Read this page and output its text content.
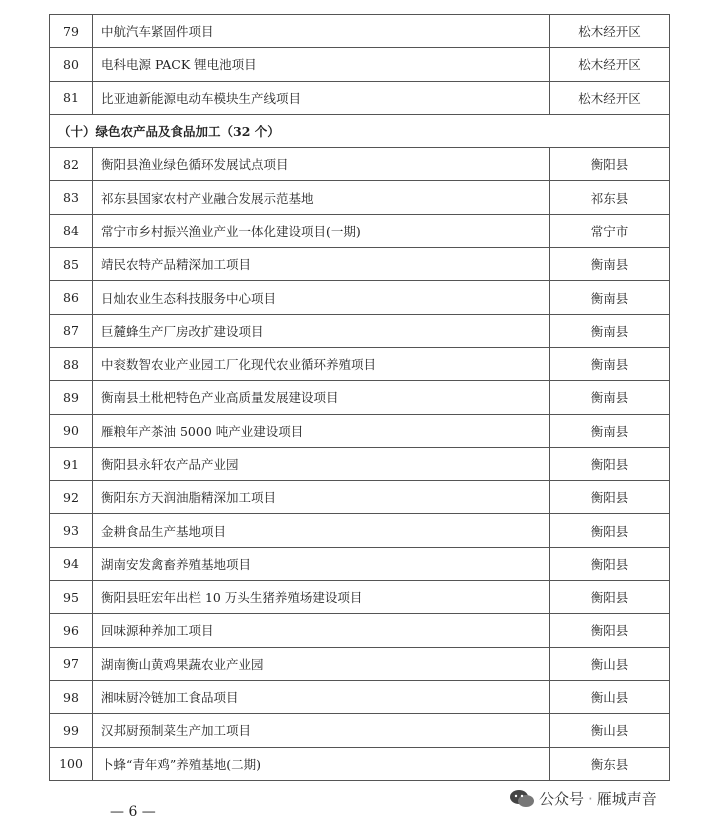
79	中航汽车紧固件项目	松木经开区
80	电科电源 PACK 锂电池项目	松木经开区
81	比亚迪新能源电动车模块生产线项目	松木经开区
（十）绿色农产品及食品加工（32 个）
82	衡阳县渔业绿色循环发展试点项目	衡阳县
83	祁东县国家农村产业融合发展示范基地	祁东县
84	常宁市乡村振兴渔业产业一体化建设项目(一期)	常宁市
85	靖民农特产品精深加工项目	衡南县
86	日灿农业生态科技服务中心项目	衡南县
87	巨麓蜂生产厂房改扩建设项目	衡南县
88	中衮数智农业产业园工厂化现代农业循环养殖项目	衡南县
89	衡南县土枇杷特色产业高质量发展建设项目	衡南县
90	雁粮年产茶油 5000 吨产业建设项目	衡南县
91	衡阳县永轩农产品产业园	衡阳县
92	衡阳东方天润油脂精深加工项目	衡阳县
93	金耕食品生产基地项目	衡阳县
94	湖南安发禽畜养殖基地项目	衡阳县
95	衡阳县旺宏年出栏 10 万头生猪养殖场建设项目	衡阳县
96	回味源种养加工项目	衡阳县
97	湖南衡山黄鸡果蔬农业产业园	衡山县
98	湘味厨冷链加工食品项目	衡山县
99	汉邦厨预制菜生产加工项目	衡山县
100	卜蜂“青年鸡”养殖基地(二期)	衡东县
公众号 · 雁城声音
— 6 —
